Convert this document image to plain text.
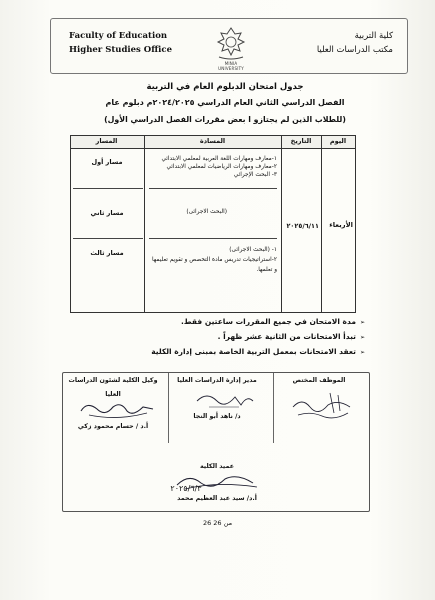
Faculty of Education
Higher Studies Office
MINIA UNIVERSITY
كلية التربية
مكتب الدراسات العليا
جدول امتحان الدبلوم العام في التربية
الفصل الدراسي الثاني العام الدراسي ٢٠٢٤/٢٠٢٥م دبلوم عام
(للطلاب الذين لم يجتازو ا بعض مقررات الفصل الدراسي الأول)
اليوم
التاريخ
المسادة
المسار
الأربعاء
٢٠٢٥/٦/١١
١-معارف ومهارات اللغة العربية لمعلمي الابتدائي
٢-معارف ومهارات الرياضيات لمعلمي الابتدائي
٣- البحث الإجرائي
مسار أول
(البحث الاجرائى)
مسار ثاني
١- (البحث الاجرائى)
٢-استراتيجيات تدريس مادة التخصص و تقويم تعليمها
و تعلمها.
مسار ثالث
➢ مدة الامتحان في جميع المقررات ساعتين فقط.
➢ تبدأ الامتحانات من الثانية عشر ظهراً .
➢ تعقد الامتحانات بمعمل التربية الخاصة بمبنى إدارة الكلية
الموظف المختص
مدير إدارة الدراسات العليا
وكيل الكلية لشئون الدراسات
العليا
د/ ناهد أبو النجا
أ.د / حسام محمود زكي
عميد الكلية
٢٠٢٥/٦/٣
أ.د/ سيد عبد العظيم محمد
26 من 26
